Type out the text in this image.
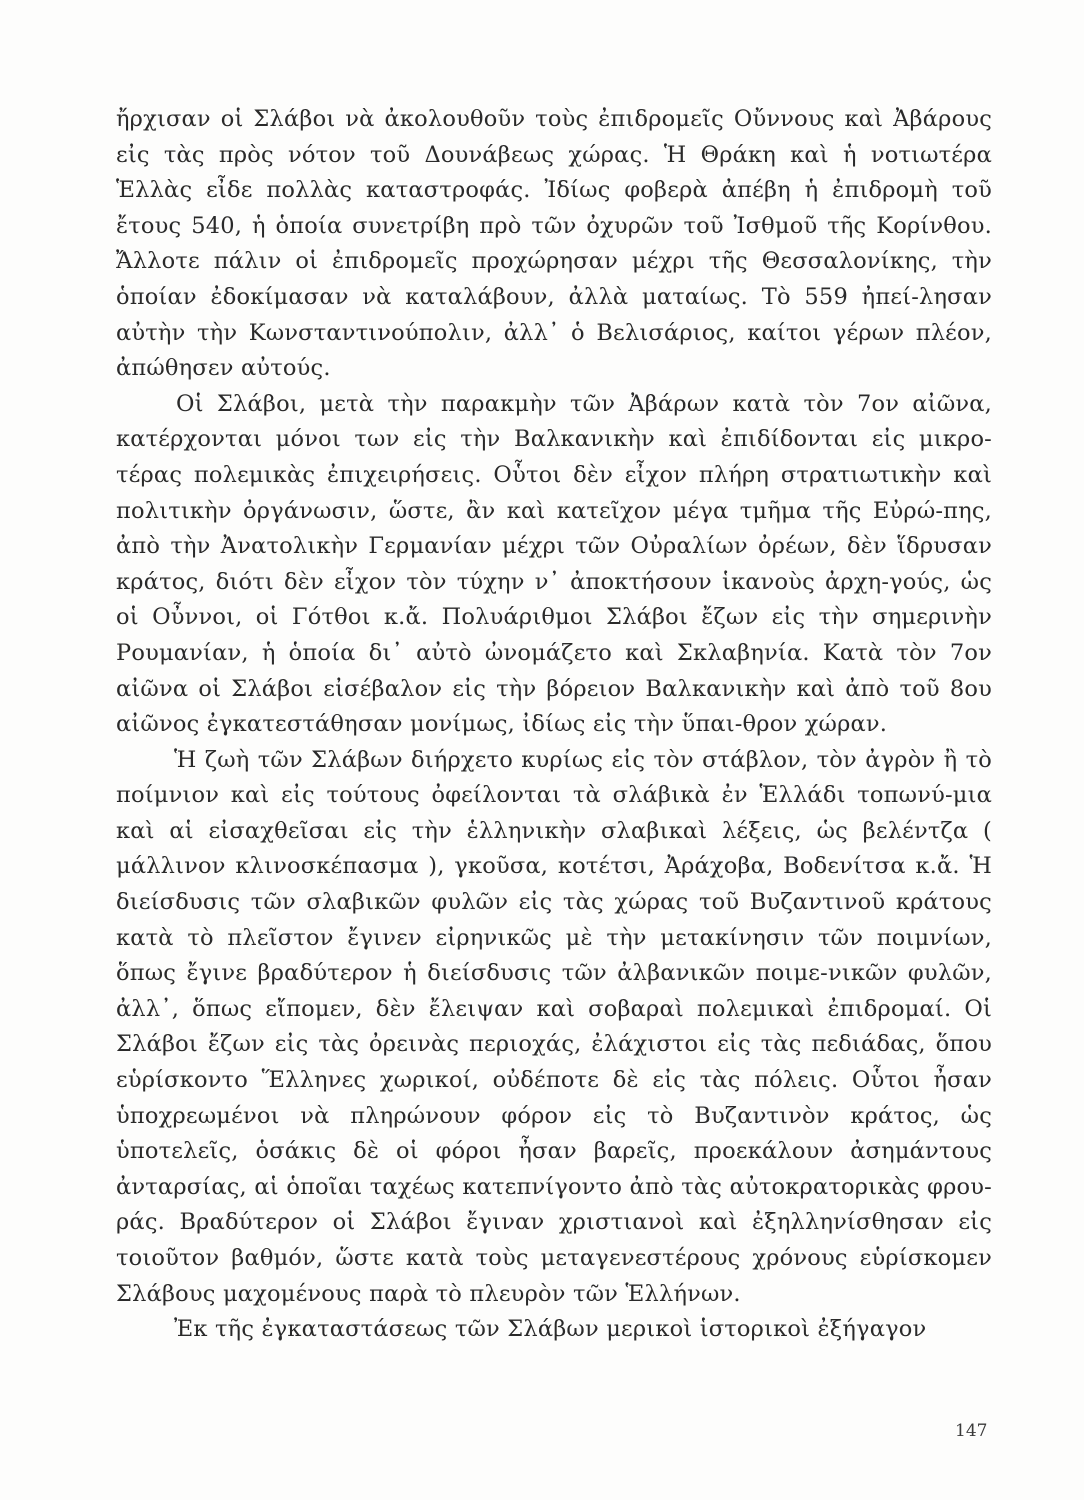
ἤρχισαν οἱ Σλάβοι νὰ ἀκολουθοῦν τοὺς ἐπιδρομεῖς Οὔννους καὶ Ἀβάρους εἰς τὰς πρὸς νότον τοῦ Δουνάβεως χώρας. Ἡ Θράκη καὶ ἡ νοτιωτέρα Ἑλλὰς εἶδε πολλὰς καταστροφάς. Ἰδίως φοβερὰ ἀπέβη ἡ ἐπιδρομὴ τοῦ ἔτους 540, ἡ ὁποία συνετρίβη πρὸ τῶν ὀχυρῶν τοῦ Ἰσθμοῦ τῆς Κορίνθου. Ἄλλοτε πάλιν οἱ ἐπιδρομεῖς προχώρησαν μέχρι τῆς Θεσσαλονίκης, τὴν ὁποίαν ἐδοκίμασαν νὰ καταλάβουν, ἀλλὰ ματαίως. Τὸ 559 ἠπεί-λησαν αὐτὴν τὴν Κωνσταντινούπολιν, ἀλλ᾽ ὁ Βελισάριος, καίτοι γέρων πλέον, ἀπώθησεν αὐτούς.

Οἱ Σλάβοι, μετὰ τὴν παρακμὴν τῶν Ἀβάρων κατὰ τὸν 7ον αἰῶνα, κατέρχονται μόνοι των εἰς τὴν Βαλκανικὴν καὶ ἐπιδίδονται εἰς μικρο-τέρας πολεμικὰς ἐπιχειρήσεις. Οὗτοι δὲν εἶχον πλήρη στρατιωτικὴν καὶ πολιτικὴν ὀργάνωσιν, ὥστε, ἂν καὶ κατεῖχον μέγα τμῆμα τῆς Εὐρώ-πης, ἀπὸ τὴν Ἀνατολικὴν Γερμανίαν μέχρι τῶν Οὐραλίων ὀρέων, δὲν ἵδρυσαν κράτος, διότι δὲν εἶχον τὸν τύχην ν᾽ ἀποκτήσουν ἱκανοὺς ἀρχη-γούς, ὡς οἱ Οὖννοι, οἱ Γότθοι κ.ἄ. Πολυάριθμοι Σλάβοι ἔζων εἰς τὴν σημερινὴν Ρουμανίαν, ἡ ὁποία δι᾽ αὐτὸ ὠνομάζετο καὶ Σκλαβηνία. Κατὰ τὸν 7ον αἰῶνα οἱ Σλάβοι εἰσέβαλον εἰς τὴν βόρειον Βαλκανικὴν καὶ ἀπὸ τοῦ 8ου αἰῶνος ἐγκατεστάθησαν μονίμως, ἰδίως εἰς τὴν ὕπαι-θρον χώραν.

Ἡ ζωὴ τῶν Σλάβων διήρχετο κυρίως εἰς τὸν στάβλον, τὸν ἀγρὸν ἢ τὸ ποίμνιον καὶ εἰς τούτους ὀφείλονται τὰ σλάβικὰ ἐν Ἑλλάδι τοπωνύ-μια καὶ αἱ εἰσαχθεῖσαι εἰς τὴν ἑλληνικὴν σλαβικαὶ λέξεις, ὡς βελέντζα ( μάλλινον κλινοσκέπασμα ), γκοῦσα, κοτέτσι, Ἀράχοβα, Βοδενίτσα κ.ἄ. Ἡ διείσδυσις τῶν σλαβικῶν φυλῶν εἰς τὰς χώρας τοῦ Βυζαντινοῦ κράτους κατὰ τὸ πλεῖστον ἔγινεν εἰρηνικῶς μὲ τὴν μετακίνησιν τῶν ποιμνίων, ὅπως ἔγινε βραδύτερον ἡ διείσδυσις τῶν ἀλβανικῶν ποιμε-νικῶν φυλῶν, ἀλλ᾽, ὅπως εἴπομεν, δὲν ἔλειψαν καὶ σοβαραὶ πολεμικαὶ ἐπιδρομαί. Οἱ Σλάβοι ἔζων εἰς τὰς ὀρεινὰς περιοχάς, ἐλάχιστοι εἰς τὰς πεδιάδας, ὅπου εὑρίσκοντο Ἕλληνες χωρικοί, οὐδέποτε δὲ εἰς τὰς πόλεις. Οὗτοι ἦσαν ὑποχρεωμένοι νὰ πληρώνουν φόρον εἰς τὸ Βυζαντινὸν κράτος, ὡς ὑποτελεῖς, ὁσάκις δὲ οἱ φόροι ἦσαν βαρεῖς, προεκάλουν ἀσημάντους ἀνταρσίας, αἱ ὁποῖαι ταχέως κατεπνίγοντο ἀπὸ τὰς αὐτοκρατορικὰς φρου-ράς. Βραδύτερον οἱ Σλάβοι ἔγιναν χριστιανοὶ καὶ ἐξηλληνίσθησαν εἰς τοιοῦτον βαθμόν, ὥστε κατὰ τοὺς μεταγενεστέρους χρόνους εὑρίσκομεν Σλάβους μαχομένους παρὰ τὸ πλευρὸν τῶν Ἑλλήνων.

Ἐκ τῆς ἐγκαταστάσεως τῶν Σλάβων μερικοὶ ἱστορικοὶ ἐξήγαγον

147
